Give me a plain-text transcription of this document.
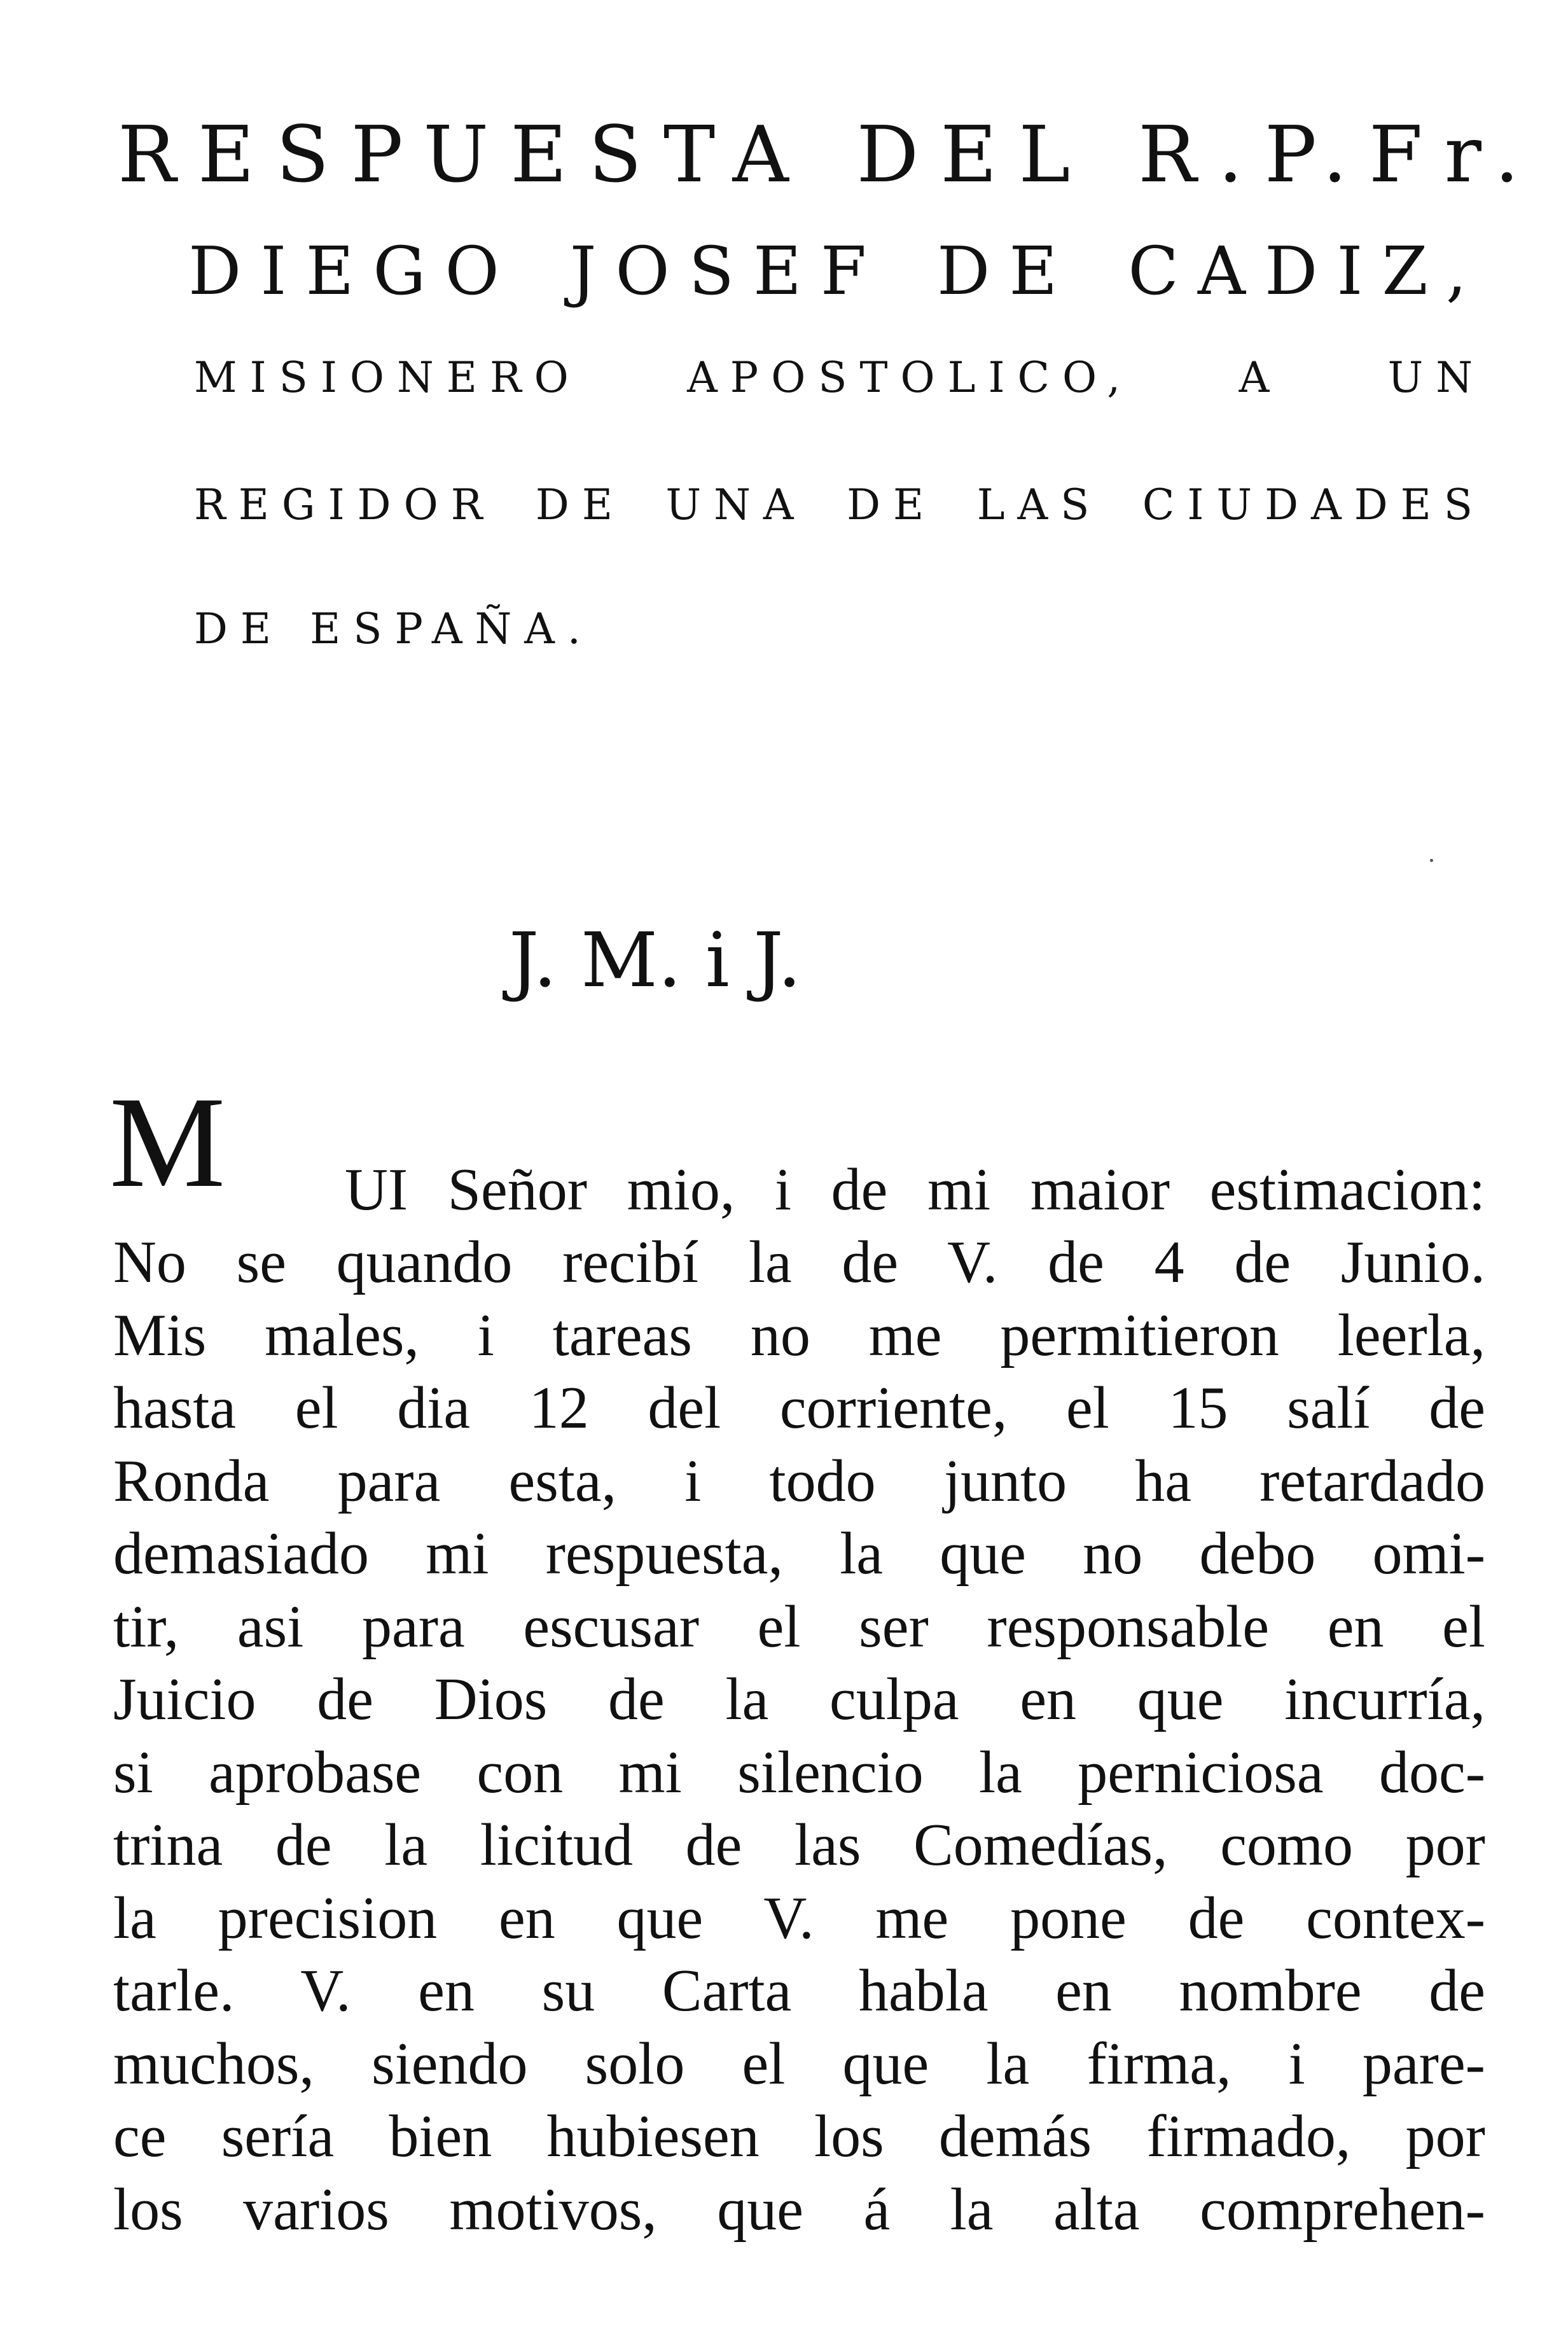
RESPUESTA DEL R.P.Fr.
DIEGO JOSEF DE CADIZ,
MISIONERO APOSTOLICO, A UN
REGIDOR DE UNA DE LAS CIUDADES
DE ESPAÑA.
J. M. i J.
M UI Señor mio, i de mi maior estimacion:
No se quando recibí la de V. de 4 de Junio.
Mis males, i tareas no me permitieron leerla,
hasta el dia 12 del corriente, el 15 salí de
Ronda para esta, i todo junto ha retardado
demasiado mi respuesta, la que no debo omi-
tir, asi para escusar el ser responsable en el
Juicio de Dios de la culpa en que incurría,
si aprobase con mi silencio la perniciosa doc-
trina de la licitud de las Comedías, como por
la precision en que V. me pone de contex-
tarle. V. en su Carta habla en nombre de
muchos, siendo solo el que la firma, i pare-
ce sería bien hubiesen los demás firmado, por
los varios motivos, que á la alta comprehen-
